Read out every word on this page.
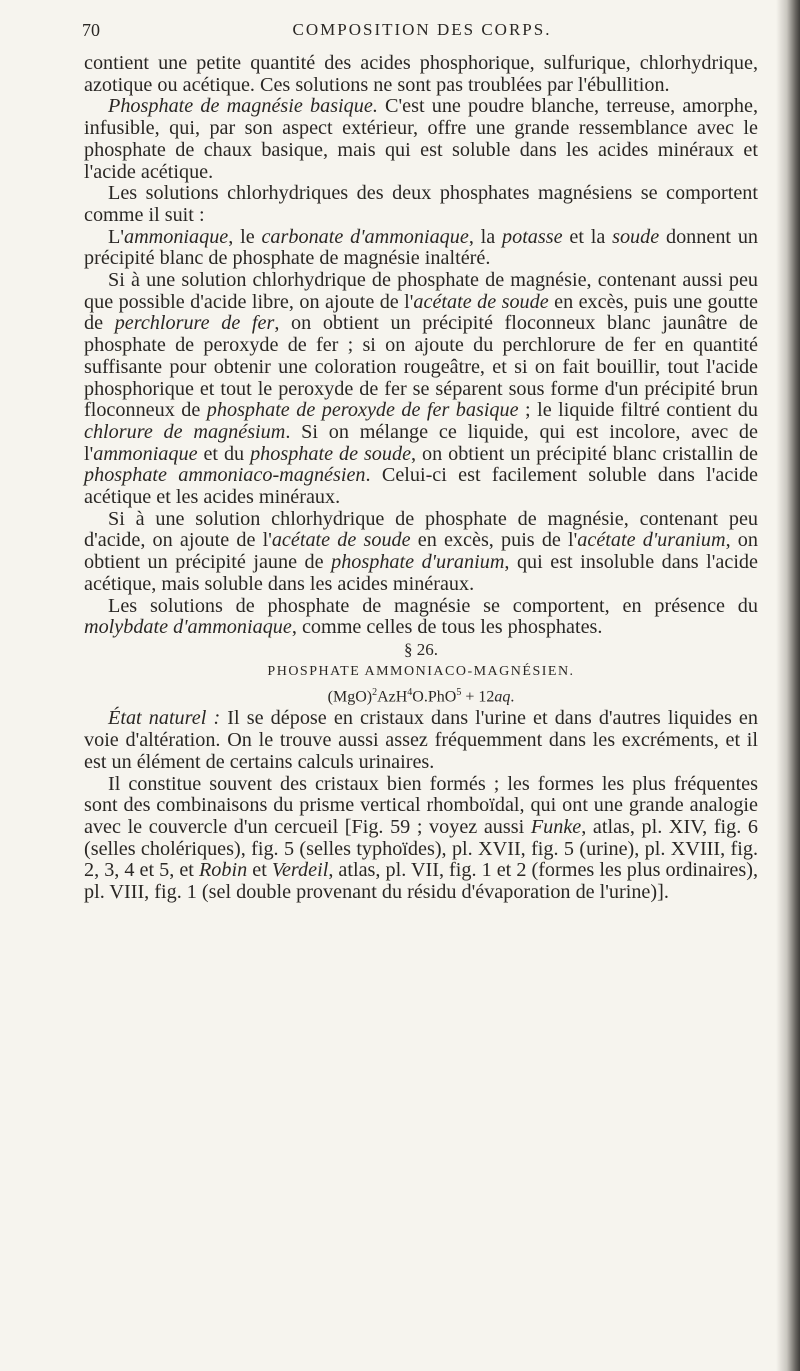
70	COMPOSITION DES CORPS.

contient une petite quantité des acides phosphorique, sulfurique, chlorhydrique, azotique ou acétique. Ces solutions ne sont pas troublées par l'ébullition.

Phosphate de magnésie basique. C'est une poudre blanche, terreuse, amorphe, infusible, qui, par son aspect extérieur, offre une grande ressemblance avec le phosphate de chaux basique, mais qui est soluble dans les acides minéraux et l'acide acétique.

Les solutions chlorhydriques des deux phosphates magnésiens se comportent comme il suit :

L'ammoniaque, le carbonate d'ammoniaque, la potasse et la soude donnent un précipité blanc de phosphate de magnésie inaltéré.

Si à une solution chlorhydrique de phosphate de magnésie, contenant aussi peu que possible d'acide libre, on ajoute de l'acétate de soude en excès, puis une goutte de perchlorure de fer, on obtient un précipité floconneux blanc jaunâtre de phosphate de peroxyde de fer ; si on ajoute du perchlorure de fer en quantité suffisante pour obtenir une coloration rougeâtre, et si on fait bouillir, tout l'acide phosphorique et tout le peroxyde de fer se séparent sous forme d'un précipité brun floconneux de phosphate de peroxyde de fer basique ; le liquide filtré contient du chlorure de magnésium. Si on mélange ce liquide, qui est incolore, avec de l'ammoniaque et du phosphate de soude, on obtient un précipité blanc cristallin de phosphate ammoniaco-magnésien. Celui-ci est facilement soluble dans l'acide acétique et les acides minéraux.

Si à une solution chlorhydrique de phosphate de magnésie, contenant peu d'acide, on ajoute de l'acétate de soude en excès, puis de l'acétate d'uranium, on obtient un précipité jaune de phosphate d'uranium, qui est insoluble dans l'acide acétique, mais soluble dans les acides minéraux.

Les solutions de phosphate de magnésie se comportent, en présence du molybdate d'ammoniaque, comme celles de tous les phosphates.

§ 26.

PHOSPHATE AMMONIACO-MAGNÉSIEN.

(MgO)$^2$AzH$^4$O.PhO$^5$ + 12aq.

État naturel : Il se dépose en cristaux dans l'urine et dans d'autres liquides en voie d'altération. On le trouve aussi assez fréquemment dans les excréments, et il est un élément de certains calculs urinaires.

Il constitue souvent des cristaux bien formés ; les formes les plus fréquentes sont des combinaisons du prisme vertical rhomboïdal, qui ont une grande analogie avec le couvercle d'un cercueil [Fig. 59 ; voyez aussi Funke, atlas, pl. XIV, fig. 6 (selles cholériques), fig. 5 (selles typhoïdes), pl. XVII, fig. 5 (urine), pl. XVIII, fig. 2, 3, 4 et 5, et Robin et Verdeil, atlas, pl. VII, fig. 1 et 2 (formes les plus ordinaires), pl. VIII, fig. 1 (sel double provenant du résidu d'évaporation de l'urine)].
